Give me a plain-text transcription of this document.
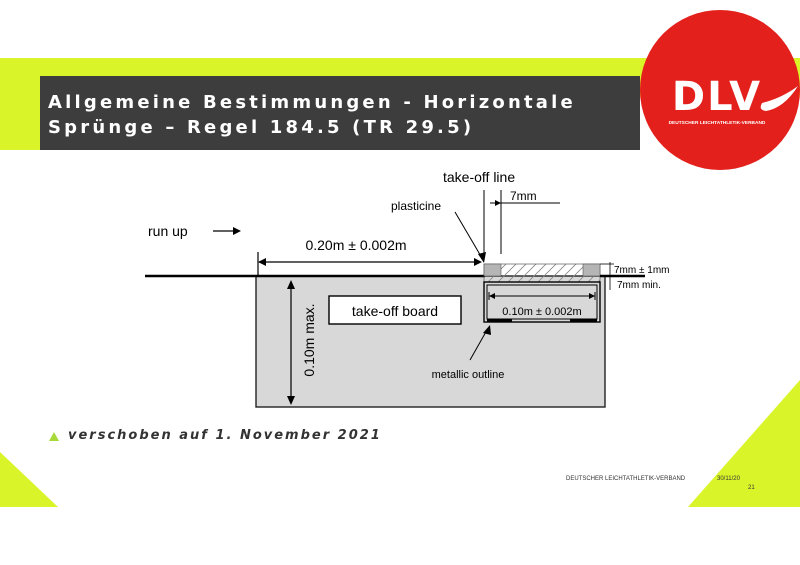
DLV
DEUTSCHER LEICHTATHLETIK-VERBAND
0.10m ± 0.002m
take-off board
0.20m ± 0.002m
run up
take-off line
7mm
plasticine
7mm ± 1mm
7mm min.
0.10m max.	metallic outline
Allgemeine Bestimmungen - Horizontale
Sprünge – Regel 184.5 (TR 29.5)
verschoben auf 1. November 2021
DEUTSCHER LEICHTATHLETIK-VERBAND	30/11/20
21
